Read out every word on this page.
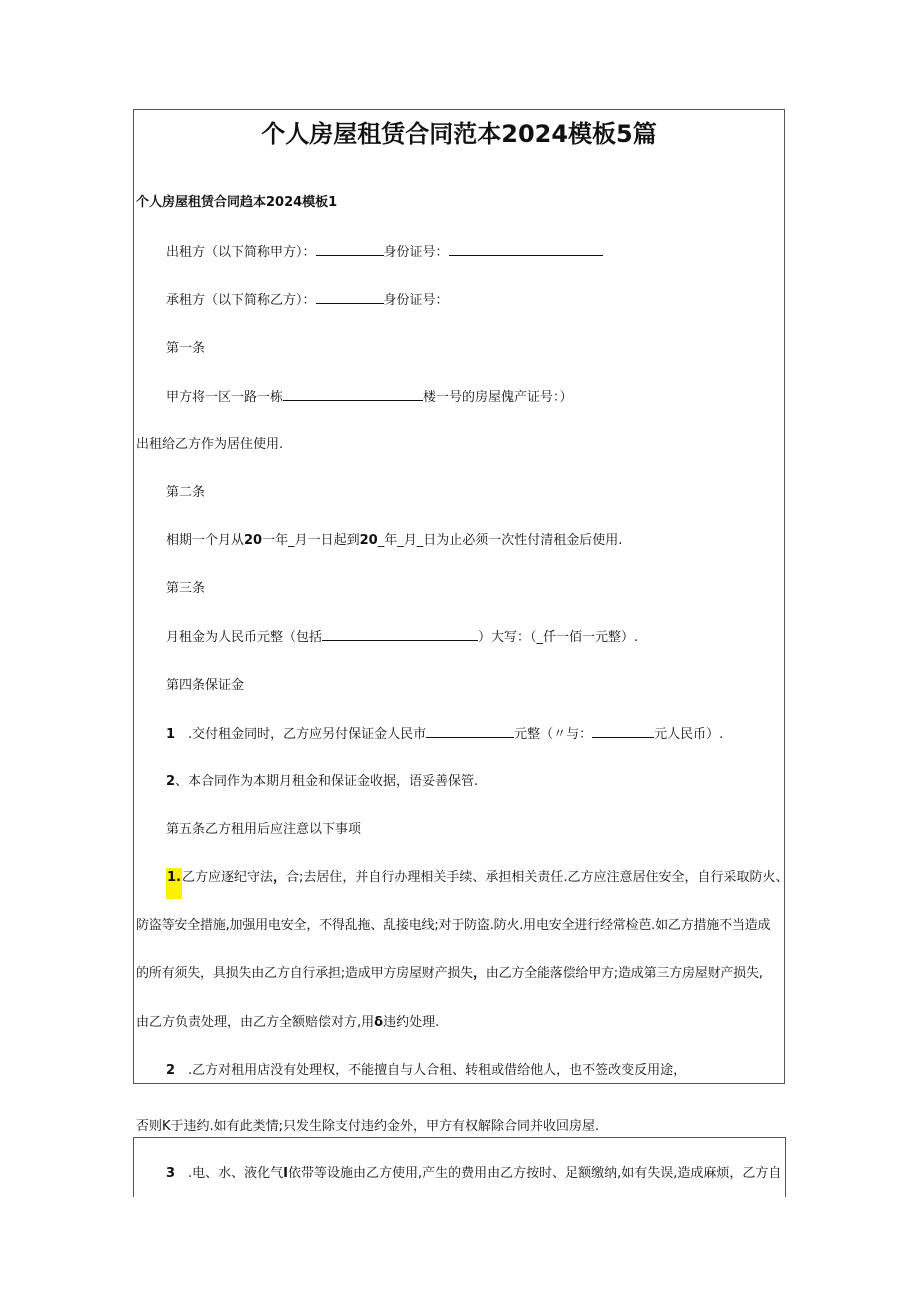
个人房屋租赁合同范本2024模板5篇
个人房屋租赁合同趋本2024模板1
出租方（以下简称甲方）：	身份证号：
承租方（以下简称乙方）：	身份证号：
第一条
甲方将一区一路一栋	楼一号的房屋傀产证号：）
出租给乙方作为居住使用.
第二条
相期一个月从20一年_月一日起到20_年_月_日为止必须一次性付清租金后使用.
第三条
月租金为人民币元整（包括	）大写：（_仟一佰一元整）.
第四条保证金
1 .交付租金同时，乙方应另付保证金人民市	元整（〃与：	元人民币）.
2、本合同作为本期月租金和保证金收据，语妥善保管.
第五条乙方租用后应注意以下事项
1.乙方应逐纪守法，合;去居住，并自行办理相关手续、承担相关责任.乙方应注意居住安全，自行采取防火、
防盗等安全措施,加强用电安全，不得乱拖、乱接电线;对于防盗.防火.用电安全进行经常检芭.如乙方措施不当造成
的所有须失，具损失由乙方自行承担;造成甲方房屋财产损失，由乙方全能落偿给甲方;造成第三方房屋财产损失,
由乙方负责处理，由乙方全额赔偿对方,用δ违约处理.
2 .乙方对租用店没有处理权，不能擅自与人合租、转租或借给他人，也不签改变反用途，
否则K于违约.如有此类情;只发生除支付违约金外，甲方有权解除合同并收回房屋.
3 .电、水、液化气I依带等设施由乙方使用,产生的费用由乙方按时、足额缴纳,如有失误,造成麻烦，乙方自
